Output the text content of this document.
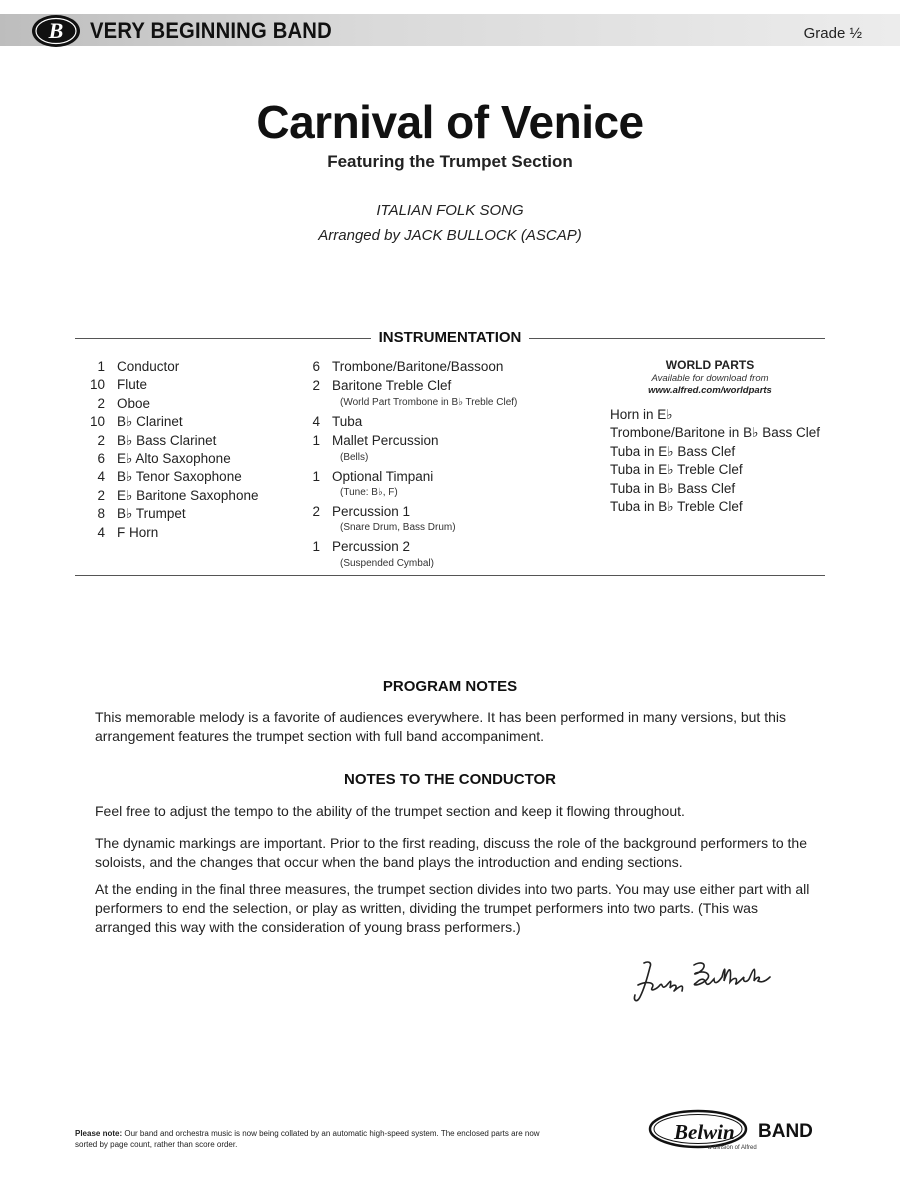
B VERY BEGINNING BAND	Grade ½
Carnival of Venice
Featuring the Trumpet Section
ITALIAN FOLK SONG
Arranged by JACK BULLOCK (ASCAP)
INSTRUMENTATION
1 Conductor
10 Flute
2 Oboe
10 B♭ Clarinet
2 B♭ Bass Clarinet
6 E♭ Alto Saxophone
4 B♭ Tenor Saxophone
2 E♭ Baritone Saxophone
8 B♭ Trumpet
4 F Horn
6 Trombone/Baritone/Bassoon
2 Baritone Treble Clef
(World Part Trombone in B♭ Treble Clef)
4 Tuba
1 Mallet Percussion
(Bells)
1 Optional Timpani
(Tune: B♭, F)
2 Percussion 1
(Snare Drum, Bass Drum)
1 Percussion 2
(Suspended Cymbal)
WORLD PARTS
Available for download from
www.alfred.com/worldparts
Horn in E♭
Trombone/Baritone in B♭ Bass Clef
Tuba in E♭ Bass Clef
Tuba in E♭ Treble Clef
Tuba in B♭ Bass Clef
Tuba in B♭ Treble Clef
PROGRAM NOTES
This memorable melody is a favorite of audiences everywhere. It has been performed in many versions, but this arrangement features the trumpet section with full band accompaniment.
NOTES TO THE CONDUCTOR
Feel free to adjust the tempo to the ability of the trumpet section and keep it flowing throughout.
The dynamic markings are important. Prior to the first reading, discuss the role of the background performers to the soloists, and the changes that occur when the band plays the introduction and ending sections.
At the ending in the final three measures, the trumpet section divides into two parts. You may use either part with all performers to end the selection, or play as written, dividing the trumpet performers into two parts. (This was arranged this way with the consideration of young brass performers.)
Please note: Our band and orchestra music is now being collated by an automatic high-speed system. The enclosed parts are now sorted by page count, rather than score order.
Belwin BAND
a division of Alfred
